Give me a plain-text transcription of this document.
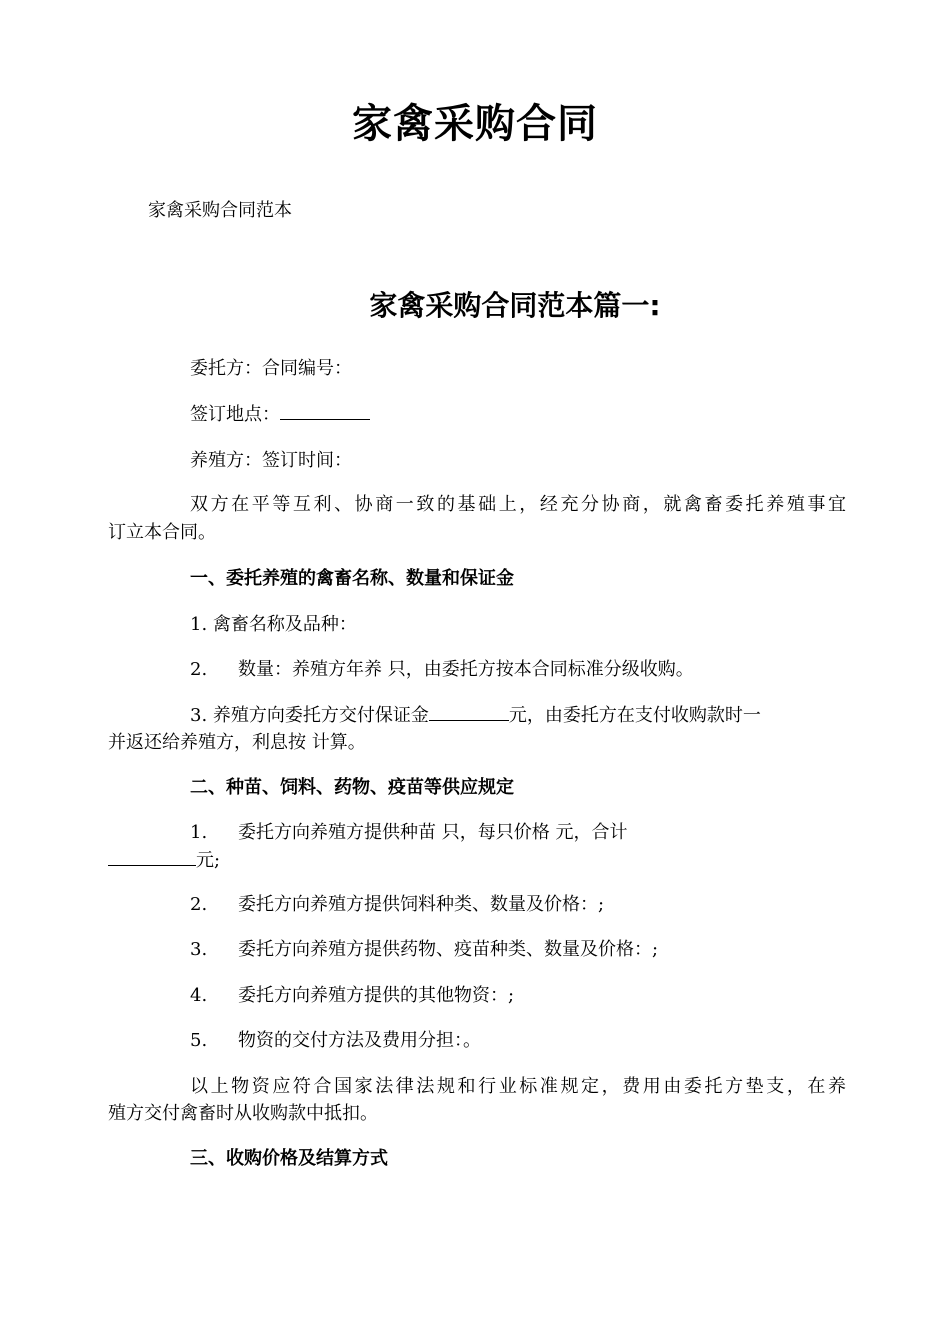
家禽采购合同
家禽采购合同范本
家禽采购合同范本篇一:
委托方：合同编号：
签订地点：
养殖方：签订时间：
双方在平等互利、协商一致的基础上，经充分协商，就禽畜委托养殖事宜
订立本合同。
一、委托养殖的禽畜名称、数量和保证金
1. 禽畜名称及品种：
2. 数量：养殖方年养 只，由委托方按本合同标准分级收购。
3. 养殖方向委托方交付保证金	元，由委托方在支付收购款时一
并返还给养殖方，利息按 计算。
二、种苗、饲料、药物、疫苗等供应规定
1. 委托方向养殖方提供种苗 只，每只价格 元，合计
元;
2. 委托方向养殖方提供饲料种类、数量及价格：;
3. 委托方向养殖方提供药物、疫苗种类、数量及价格：;
4. 委托方向养殖方提供的其他物资：;
5. 物资的交付方法及费用分担：。
以上物资应符合国家法律法规和行业标准规定，费用由委托方垫支，在养
殖方交付禽畜时从收购款中抵扣。
三、收购价格及结算方式
